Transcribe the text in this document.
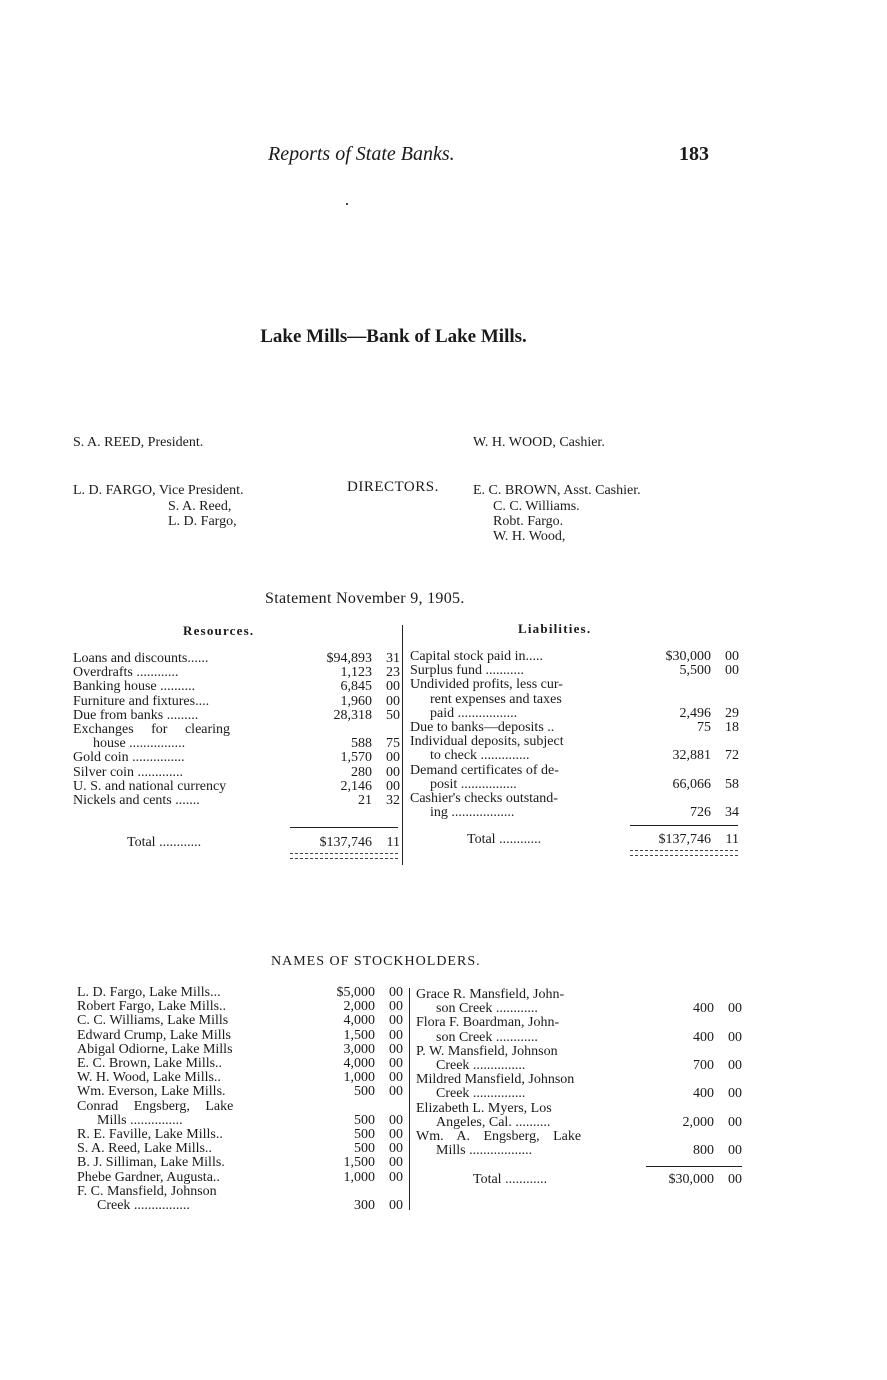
Reports of State Banks.	183
Lake Mills—Bank of Lake Mills.

S. A. REED, President.

L. D. FARGO, Vice President.

W. H. WOOD, Cashier.

E. C. BROWN, Asst. Cashier.

DIRECTORS.
S. A. Reed,
L. D. Fargo,
C. C. Williams.
Robt. Fargo.
W. H. Wood,
Statement November 9, 1905.
Resources.	Liabilities.
Loans and discounts......	$94,893	31
Overdrafts ............	1,123	23
Banking house ..........	6,845	00
Furniture and fixtures....	1,960	00
Due from banks .........	28,318	50
Exchanges for clearing
house ................	588	75
Gold coin ...............	1,570	00
Silver coin .............	280	00
U. S. and national currency	2,146	00
Nickels and cents .......	21	32
Total ............	$137,746	11
Capital stock paid in.....	$30,000	00
Surplus fund ...........	5,500	00
Undivided profits, less cur-
rent expenses and taxes
paid .................	2,496	29
Due to banks—deposits ..	75	18
Individual deposits, subject
to check ..............	32,881	72
Demand certificates of de-
posit ................	66,066	58
Cashier's checks outstand-
ing ..................	726	34
Total ............	$137,746	11
NAMES OF STOCKHOLDERS.
L. D. Fargo, Lake Mills...	$5,000	00
Robert Fargo, Lake Mills..	2,000	00
C. C. Williams, Lake Mills	4,000	00
Edward Crump, Lake Mills	1,500	00
Abigal Odiorne, Lake Mills	3,000	00
E. C. Brown, Lake Mills..	4,000	00
W. H. Wood, Lake Mills..	1,000	00
Wm. Everson, Lake Mills.	500	00
Conrad Engsberg, Lake
Mills ...............	500	00
R. E. Faville, Lake Mills..	500	00
S. A. Reed, Lake Mills..	500	00
B. J. Silliman, Lake Mills.	1,500	00
Phebe Gardner, Augusta..	1,000	00
F. C. Mansfield, Johnson
Creek ................	300	00
Grace R. Mansfield, John-
son Creek ............	400	00
Flora F. Boardman, John-
son Creek ............	400	00
P. W. Mansfield, Johnson
Creek ...............	700	00
Mildred Mansfield, Johnson
Creek ...............	400	00
Elizabeth L. Myers, Los
Angeles, Cal. ..........	2,000	00
Wm. A. Engsberg, Lake
Mills ..................	800	00
Total ............	$30,000	00
